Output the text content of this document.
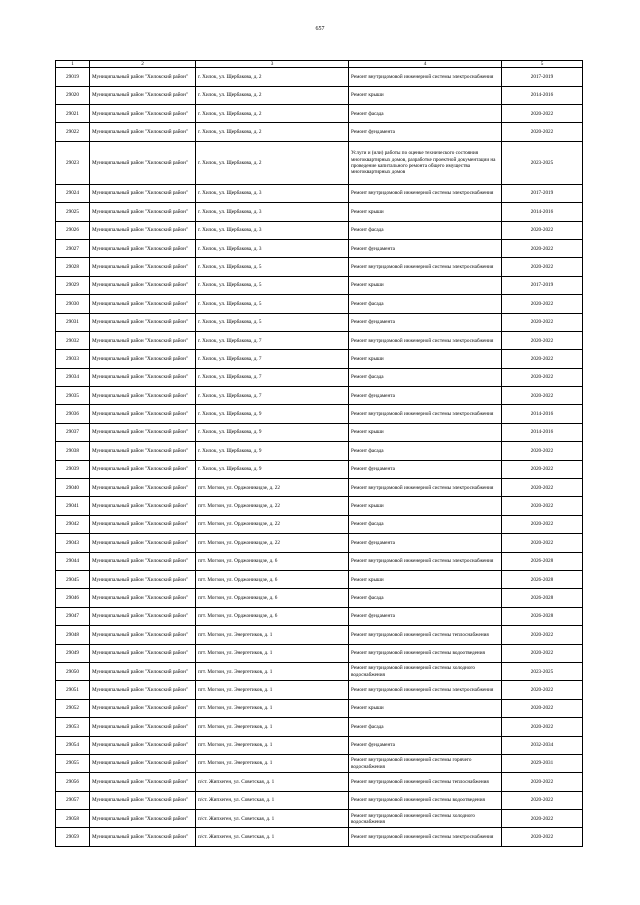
657
1	2	3	4	5
29019	Муниципальный район "Хилокский район"	г. Хилок, ул. Щербакова, д. 2	Ремонт внутридомовой инженерной системы электроснабжения	2017-2019
29020	Муниципальный район "Хилокский район"	г. Хилок, ул. Щербакова, д. 2	Ремонт крыши	2014-2016
29021	Муниципальный район "Хилокский район"	г. Хилок, ул. Щербакова, д. 2	Ремонт фасада	2020-2022
29022	Муниципальный район "Хилокский район"	г. Хилок, ул. Щербакова, д. 2	Ремонт фундамента	2020-2022
29023	Муниципальный район "Хилокский район"	г. Хилок, ул. Щербакова, д. 2	Услуги и (или) работы по оценке технического состояния многоквартирных домов, разработке проектной документации на проведение капитального ремонта общего имущества многоквартирных домов	2023-2025
29024	Муниципальный район "Хилокский район"	г. Хилок, ул. Щербакова, д. 3	Ремонт внутридомовой инженерной системы электроснабжения	2017-2019
29025	Муниципальный район "Хилокский район"	г. Хилок, ул. Щербакова, д. 3	Ремонт крыши	2014-2016
29026	Муниципальный район "Хилокский район"	г. Хилок, ул. Щербакова, д. 3	Ремонт фасада	2020-2022
29027	Муниципальный район "Хилокский район"	г. Хилок, ул. Щербакова, д. 3	Ремонт фундамента	2020-2022
29028	Муниципальный район "Хилокский район"	г. Хилок, ул. Щербакова, д. 5	Ремонт внутридомовой инженерной системы электроснабжения	2020-2022
29029	Муниципальный район "Хилокский район"	г. Хилок, ул. Щербакова, д. 5	Ремонт крыши	2017-2019
29030	Муниципальный район "Хилокский район"	г. Хилок, ул. Щербакова, д. 5	Ремонт фасада	2020-2022
29031	Муниципальный район "Хилокский район"	г. Хилок, ул. Щербакова, д. 5	Ремонт фундамента	2020-2022
29032	Муниципальный район "Хилокский район"	г. Хилок, ул. Щербакова, д. 7	Ремонт внутридомовой инженерной системы электроснабжения	2020-2022
29033	Муниципальный район "Хилокский район"	г. Хилок, ул. Щербакова, д. 7	Ремонт крыши	2020-2022
29034	Муниципальный район "Хилокский район"	г. Хилок, ул. Щербакова, д. 7	Ремонт фасада	2020-2022
29035	Муниципальный район "Хилокский район"	г. Хилок, ул. Щербакова, д. 7	Ремонт фундамента	2020-2022
29036	Муниципальный район "Хилокский район"	г. Хилок, ул. Щербакова, д. 9	Ремонт внутридомовой инженерной системы электроснабжения	2014-2016
29037	Муниципальный район "Хилокский район"	г. Хилок, ул. Щербакова, д. 9	Ремонт крыши	2014-2016
29038	Муниципальный район "Хилокский район"	г. Хилок, ул. Щербакова, д. 9	Ремонт фасада	2020-2022
29039	Муниципальный район "Хилокский район"	г. Хилок, ул. Щербакова, д. 9	Ремонт фундамента	2020-2022
29040	Муниципальный район "Хилокский район"	пгт. Могзон, ул. Орджоникидзе, д. 22	Ремонт внутридомовой инженерной системы электроснабжения	2020-2022
29041	Муниципальный район "Хилокский район"	пгт. Могзон, ул. Орджоникидзе, д. 22	Ремонт крыши	2020-2022
29042	Муниципальный район "Хилокский район"	пгт. Могзон, ул. Орджоникидзе, д. 22	Ремонт фасада	2020-2022
29043	Муниципальный район "Хилокский район"	пгт. Могзон, ул. Орджоникидзе, д. 22	Ремонт фундамента	2020-2022
29044	Муниципальный район "Хилокский район"	пгт. Могзон, ул. Орджоникидзе, д. 6	Ремонт внутридомовой инженерной системы электроснабжения	2026-2028
29045	Муниципальный район "Хилокский район"	пгт. Могзон, ул. Орджоникидзе, д. 6	Ремонт крыши	2026-2028
29046	Муниципальный район "Хилокский район"	пгт. Могзон, ул. Орджоникидзе, д. 6	Ремонт фасада	2026-2028
29047	Муниципальный район "Хилокский район"	пгт. Могзон, ул. Орджоникидзе, д. 6	Ремонт фундамента	2026-2028
29048	Муниципальный район "Хилокский район"	пгт. Могзон, ул. Энергетиков, д. 1	Ремонт внутридомовой инженерной системы теплоснабжения	2020-2022
29049	Муниципальный район "Хилокский район"	пгт. Могзон, ул. Энергетиков, д. 1	Ремонт внутридомовой инженерной системы водоотведения	2020-2022
29050	Муниципальный район "Хилокский район"	пгт. Могзон, ул. Энергетиков, д. 1	Ремонт внутридомовой инженерной системы холодного водоснабжения	2023-2025
29051	Муниципальный район "Хилокский район"	пгт. Могзон, ул. Энергетиков, д. 1	Ремонт внутридомовой инженерной системы электроснабжения	2020-2022
29052	Муниципальный район "Хилокский район"	пгт. Могзон, ул. Энергетиков, д. 1	Ремонт крыши	2020-2022
29053	Муниципальный район "Хилокский район"	пгт. Могзон, ул. Энергетиков, д. 1	Ремонт фасада	2020-2022
29054	Муниципальный район "Хилокский район"	пгт. Могзон, ул. Энергетиков, д. 1	Ремонт фундамента	2032-2034
29055	Муниципальный район "Хилокский район"	пгт. Могзон, ул. Энергетиков, д. 1	Ремонт внутридомовой инженерной системы горячего водоснабжения	2029-2031
29056	Муниципальный район "Хилокский район"	п/ст. Жипхеген, ул. Советская, д. 1	Ремонт внутридомовой инженерной системы теплоснабжения	2020-2022
29057	Муниципальный район "Хилокский район"	п/ст. Жипхеген, ул. Советская, д. 1	Ремонт внутридомовой инженерной системы водоотведения	2020-2022
29058	Муниципальный район "Хилокский район"	п/ст. Жипхеген, ул. Советская, д. 1	Ремонт внутридомовой инженерной системы холодного водоснабжения	2020-2022
29059	Муниципальный район "Хилокский район"	п/ст. Жипхеген, ул. Советская, д. 1	Ремонт внутридомовой инженерной системы электроснабжения	2020-2022
